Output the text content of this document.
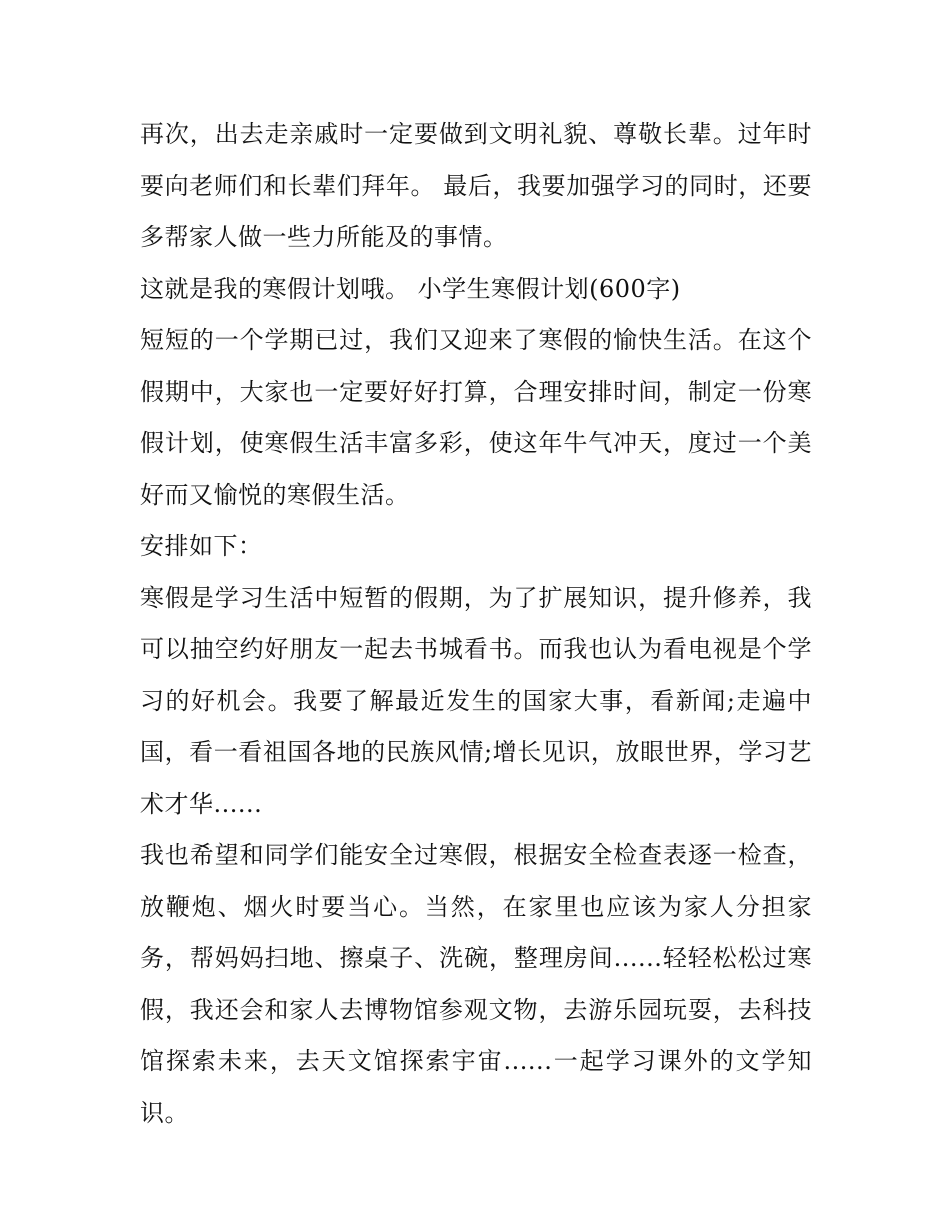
再次，出去走亲戚时一定要做到文明礼貌、尊敬长辈。过年时要向老师们和长辈们拜年。 最后，我要加强学习的同时，还要多帮家人做一些力所能及的事情。

这就是我的寒假计划哦。 小学生寒假计划(600字)

短短的一个学期已过，我们又迎来了寒假的愉快生活。在这个假期中，大家也一定要好好打算，合理安排时间，制定一份寒假计划，使寒假生活丰富多彩，使这年牛气冲天，度过一个美好而又愉悦的寒假生活。

安排如下：

寒假是学习生活中短暂的假期，为了扩展知识，提升修养，我可以抽空约好朋友一起去书城看书。而我也认为看电视是个学习的好机会。我要了解最近发生的国家大事，看新闻;走遍中国，看一看祖国各地的民族风情;增长见识，放眼世界，学习艺术才华......

我也希望和同学们能安全过寒假，根据安全检查表逐一检查，放鞭炮、烟火时要当心。当然，在家里也应该为家人分担家务，帮妈妈扫地、擦桌子、洗碗，整理房间......轻轻松松过寒假，我还会和家人去博物馆参观文物，去游乐园玩耍，去科技馆探索未来，去天文馆探索宇宙......一起学习课外的文学知识。
